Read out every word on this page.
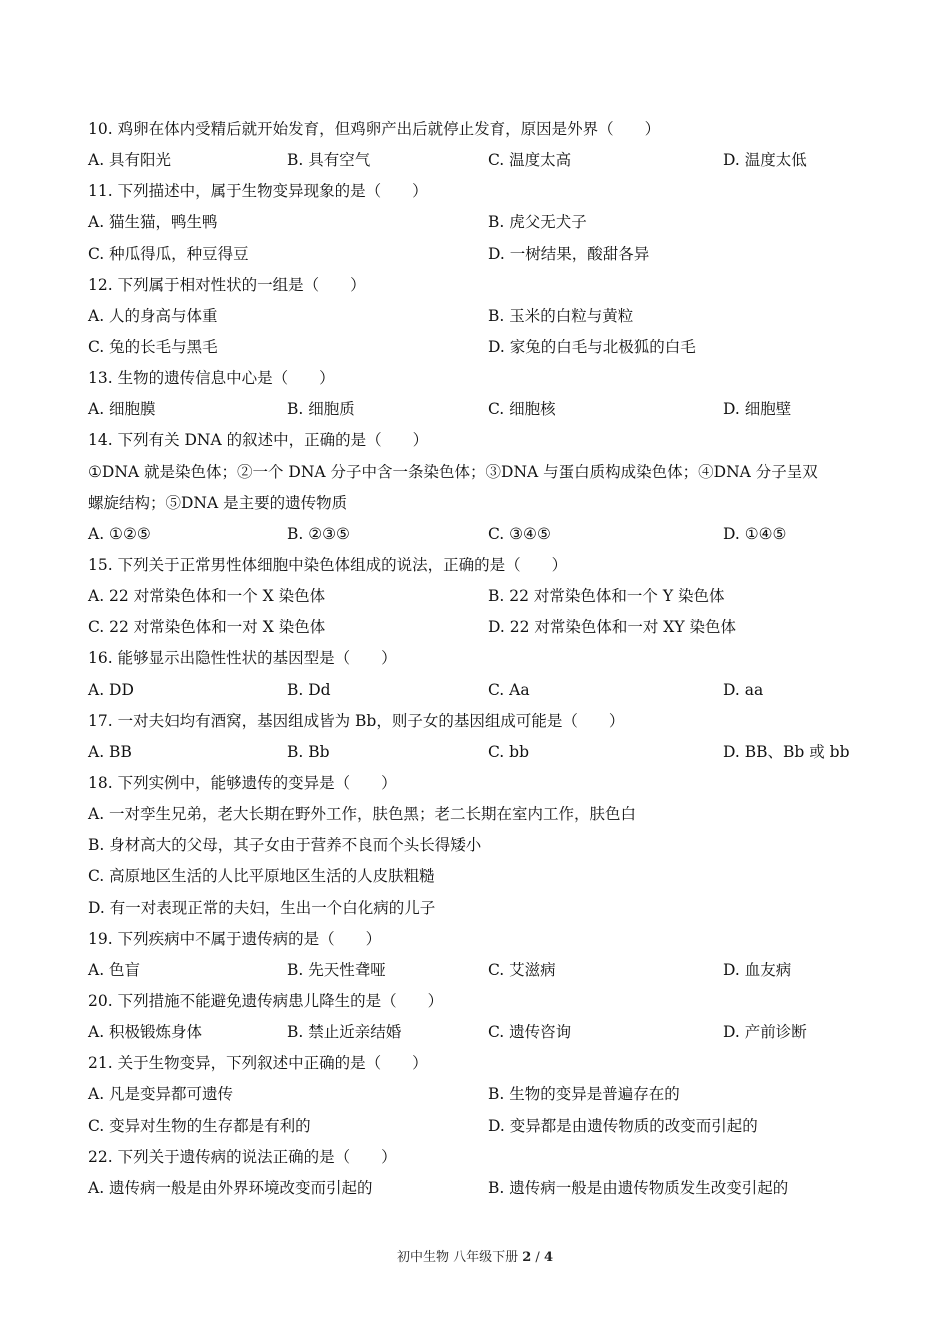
10. 鸡卵在体内受精后就开始发育，但鸡卵产出后就停止发育，原因是外界（　　）
A. 具有阳光	B. 具有空气	C. 温度太高	D. 温度太低
11. 下列描述中，属于生物变异现象的是（　　）
A. 猫生猫，鸭生鸭	B. 虎父无犬子
C. 种瓜得瓜，种豆得豆	D. 一树结果，酸甜各异
12. 下列属于相对性状的一组是（　　）
A. 人的身高与体重	B. 玉米的白粒与黄粒
C. 兔的长毛与黑毛	D. 家兔的白毛与北极狐的白毛
13. 生物的遗传信息中心是（　　）
A. 细胞膜	B. 细胞质	C. 细胞核	D. 细胞壁
14. 下列有关 DNA 的叙述中，正确的是（　　）
①DNA 就是染色体；②一个 DNA 分子中含一条染色体；③DNA 与蛋白质构成染色体；④DNA 分子呈双
螺旋结构；⑤DNA 是主要的遗传物质
A. ①②⑤	B. ②③⑤	C. ③④⑤	D. ①④⑤
15. 下列关于正常男性体细胞中染色体组成的说法，正确的是（　　）
A. 22 对常染色体和一个 X 染色体	B. 22 对常染色体和一个 Y 染色体
C. 22 对常染色体和一对 X 染色体	D. 22 对常染色体和一对 XY 染色体
16. 能够显示出隐性性状的基因型是（　　）
A. DD	B. Dd	C. Aa	D. aa
17. 一对夫妇均有酒窝，基因组成皆为 Bb，则子女的基因组成可能是（　　）
A. BB	B. Bb	C. bb	D. BB、Bb 或 bb
18. 下列实例中，能够遗传的变异是（　　）
A. 一对孪生兄弟，老大长期在野外工作，肤色黑；老二长期在室内工作，肤色白
B. 身材高大的父母，其子女由于营养不良而个头长得矮小
C. 高原地区生活的人比平原地区生活的人皮肤粗糙
D. 有一对表现正常的夫妇，生出一个白化病的儿子
19. 下列疾病中不属于遗传病的是（　　）
A. 色盲	B. 先天性聋哑	C. 艾滋病	D. 血友病
20. 下列措施不能避免遗传病患儿降生的是（　　）
A. 积极锻炼身体	B. 禁止近亲结婚	C. 遗传咨询	D. 产前诊断
21. 关于生物变异，下列叙述中正确的是（　　）
A. 凡是变异都可遗传	B. 生物的变异是普遍存在的
C. 变异对生物的生存都是有利的	D. 变异都是由遗传物质的改变而引起的
22. 下列关于遗传病的说法正确的是（　　）
A. 遗传病一般是由外界环境改变而引起的	B. 遗传病一般是由遗传物质发生改变引起的
初中生物 八年级下册 2 / 4
